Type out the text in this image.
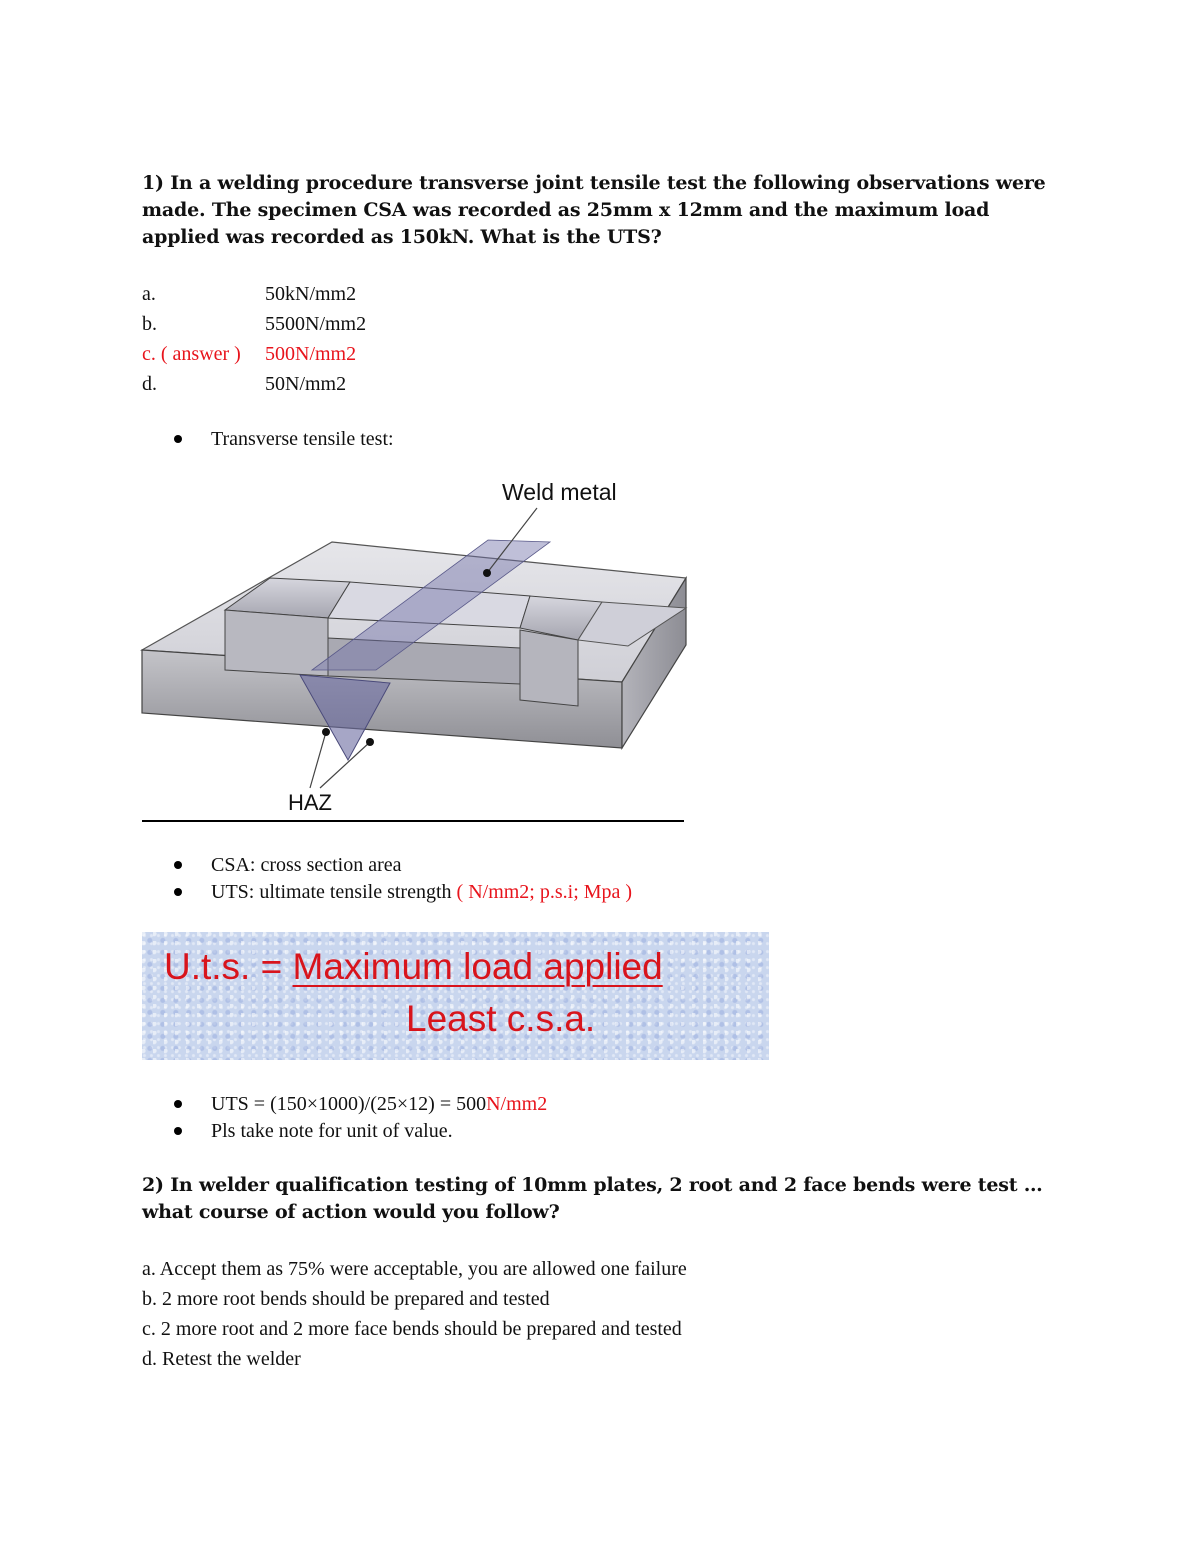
1) In a welding procedure transverse joint tensile test the following observations were made. The specimen CSA was recorded as 25mm x 12mm and the maximum load applied was recorded as 150kN. What is the UTS?
a.	50kN/mm2
b.	5500N/mm2
c. ( answer ) 500N/mm2
d.	50N/mm2
Transverse tensile test:
Weld metal
HAZ
CSA: cross section area
UTS: ultimate tensile strength ( N/mm2; p.s.i; Mpa )
U.t.s. = Maximum load applied
Least c.s.a.
UTS = (150×1000)/(25×12) = 500N/mm2
Pls take note for unit of value.
2) In welder qualification testing of 10mm plates, 2 root and 2 face bends were test … what course of action would you follow?
a. Accept them as 75% were acceptable, you are allowed one failure
b. 2 more root bends should be prepared and tested
c. 2 more root and 2 more face bends should be prepared and tested
d. Retest the welder
